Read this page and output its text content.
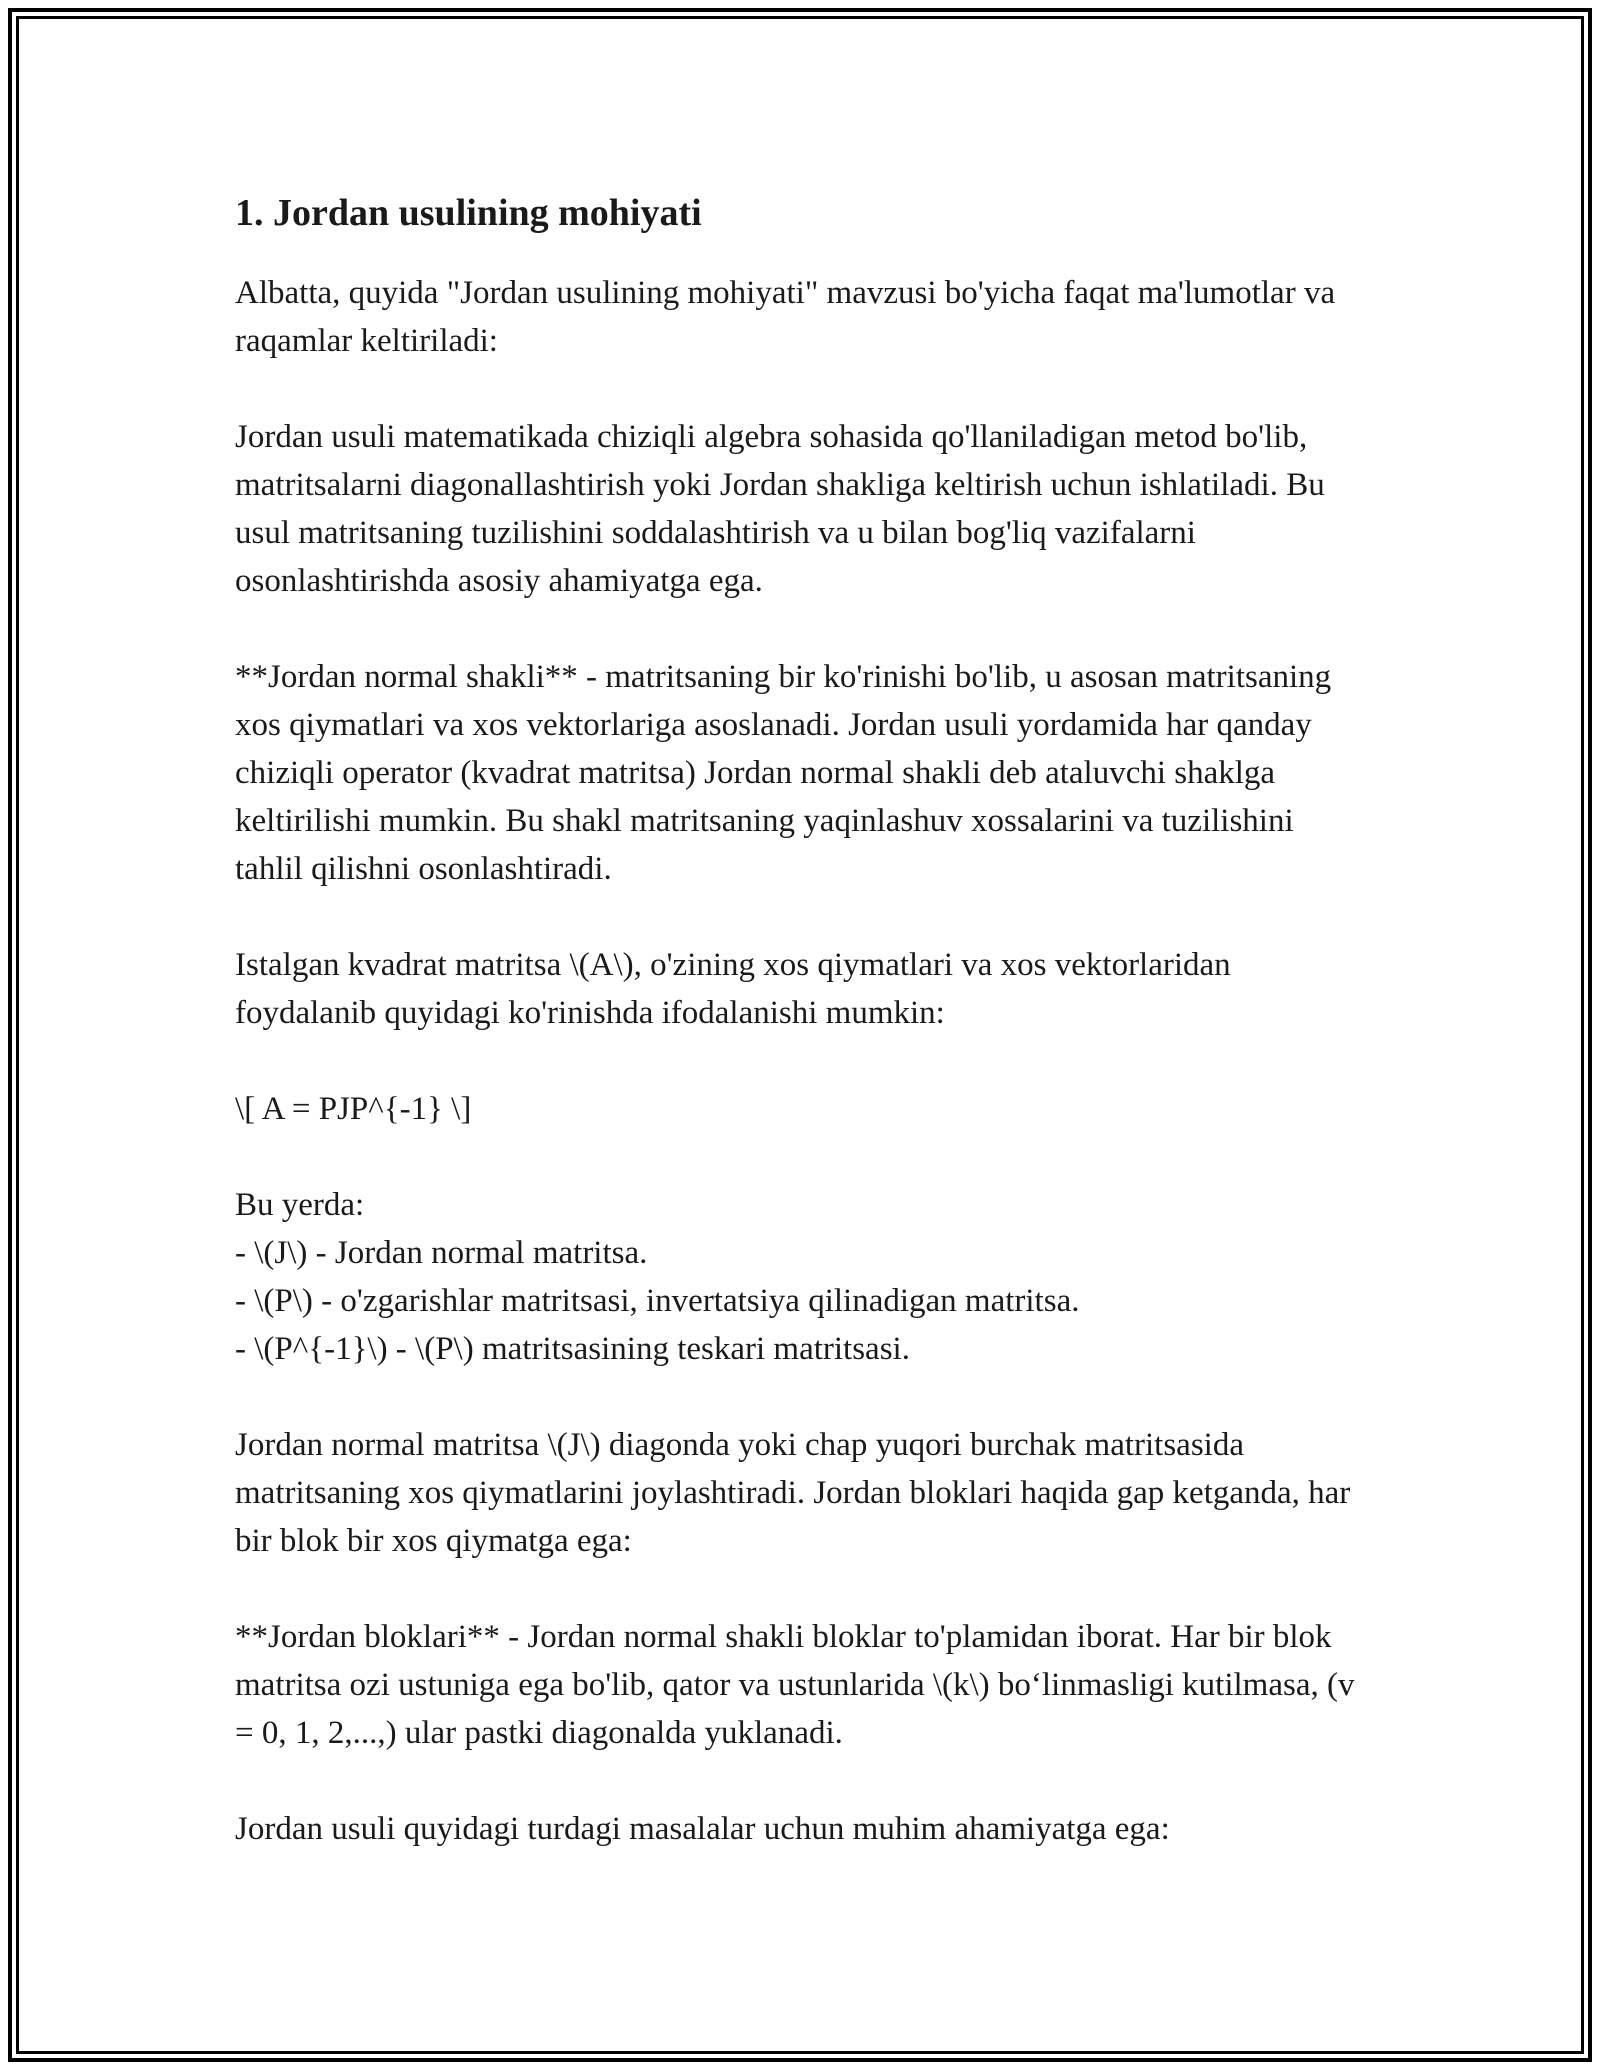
1. Jordan usulining mohiyati

Albatta, quyida "Jordan usulining mohiyati" mavzusi bo'yicha faqat ma'lumotlar va raqamlar keltiriladi:

Jordan usuli matematikada chiziqli algebra sohasida qo'llaniladigan metod bo'lib, matritsalarni diagonallashtirish yoki Jordan shakliga keltirish uchun ishlatiladi. Bu usul matritsaning tuzilishini soddalashtirish va u bilan bog'liq vazifalarni osonlashtirishda asosiy ahamiyatga ega.

**Jordan normal shakli** - matritsaning bir ko'rinishi bo'lib, u asosan matritsaning xos qiymatlari va xos vektorlariga asoslanadi. Jordan usuli yordamida har qanday chiziqli operator (kvadrat matritsa) Jordan normal shakli deb ataluvchi shaklga keltirilishi mumkin. Bu shakl matritsaning yaqinlashuv xossalarini va tuzilishini tahlil qilishni osonlashtiradi.

Istalgan kvadrat matritsa \(A\), o'zining xos qiymatlari va xos vektorlaridan foydalanib quyidagi ko'rinishda ifodalanishi mumkin:

\[ A = PJP^{-1} \]

Bu yerda:

- \(J\) - Jordan normal matritsa.

- \(P\) - o'zgarishlar matritsasi, invertatsiya qilinadigan matritsa.

- \(P^{-1}\) - \(P\) matritsasining teskari matritsasi.

Jordan normal matritsa \(J\) diagonda yoki chap yuqori burchak matritsasida matritsaning xos qiymatlarini joylashtiradi. Jordan bloklari haqida gap ketganda, har bir blok bir xos qiymatga ega:

**Jordan bloklari** - Jordan normal shakli bloklar to'plamidan iborat. Har bir blok matritsa ozi ustuniga ega bo'lib, qator va ustunlarida \(k\) bo‘linmasligi kutilmasa, (v = 0, 1, 2,...,) ular pastki diagonalda yuklanadi.

Jordan usuli quyidagi turdagi masalalar uchun muhim ahamiyatga ega:
